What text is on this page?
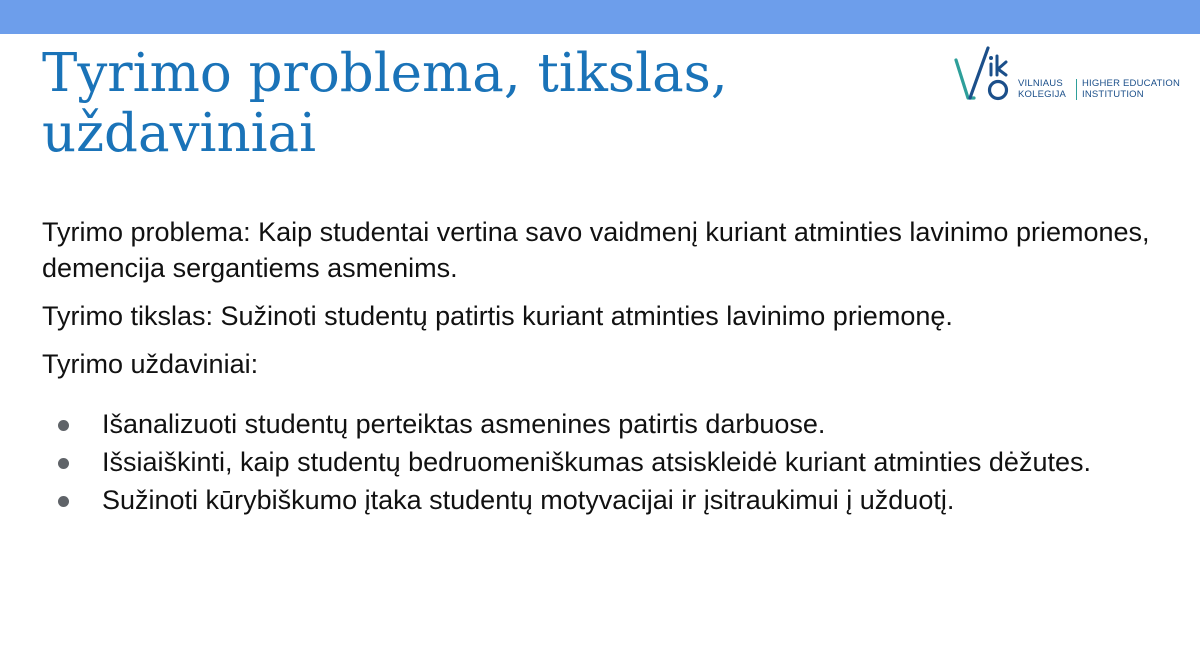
Tyrimo problema, tikslas, uždaviniai
VILNIAUS
KOLEGIJA
HIGHER EDUCATION
INSTITUTION

Tyrimo problema: Kaip studentai vertina savo vaidmenį kuriant atminties lavinimo priemones, demencija sergantiems asmenims.

Tyrimo tikslas: Sužinoti studentų patirtis kuriant atminties lavinimo priemonę.

Tyrimo uždaviniai:

Išanalizuoti studentų perteiktas asmenines patirtis darbuose.
Išsiaiškinti, kaip studentų bedruomeniškumas atsiskleidė kuriant atminties dėžutes.
Sužinoti kūrybiškumo įtaka studentų motyvacijai ir įsitraukimui į užduotį.
